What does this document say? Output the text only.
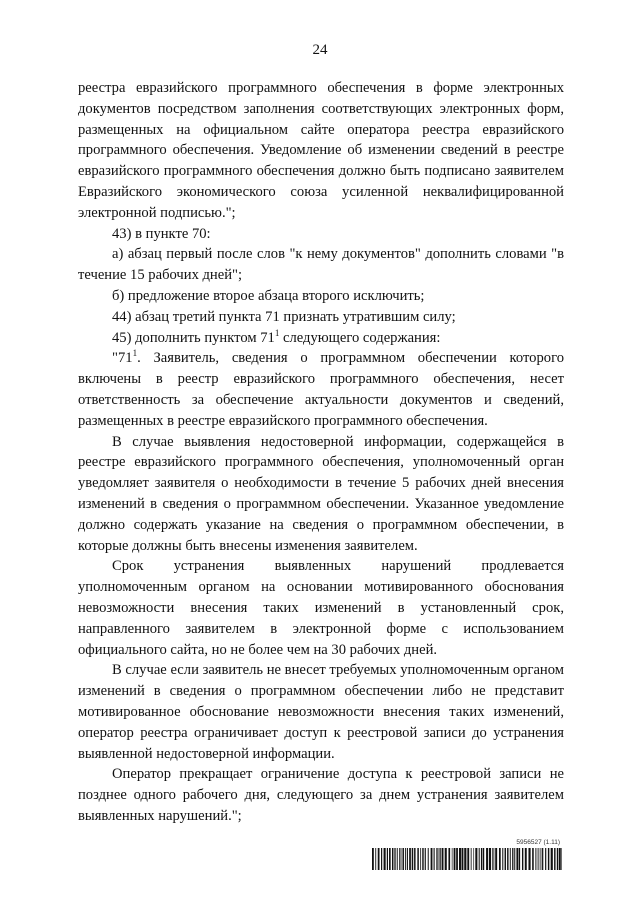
24

реестра евразийского программного обеспечения в форме электронных документов посредством заполнения соответствующих электронных форм, размещенных на официальном сайте оператора реестра евразийского программного обеспечения. Уведомление об изменении сведений в реестре евразийского программного обеспечения должно быть подписано заявителем Евразийского экономического союза усиленной неквалифицированной электронной подписью.";

43) в пункте 70:

а) абзац первый после слов "к нему документов" дополнить словами "в течение 15 рабочих дней";

б) предложение второе абзаца второго исключить;

44) абзац третий пункта 71 признать утратившим силу;

45) дополнить пунктом $71^1$ следующего содержания:

"$71^1$. Заявитель, сведения о программном обеспечении которого включены в реестр евразийского программного обеспечения, несет ответственность за обеспечение актуальности документов и сведений, размещенных в реестре евразийского программного обеспечения.

В случае выявления недостоверной информации, содержащейся в реестре евразийского программного обеспечения, уполномоченный орган уведомляет заявителя о необходимости в течение 5 рабочих дней внесения изменений в сведения о программном обеспечении. Указанное уведомление должно содержать указание на сведения о программном обеспечении, в которые должны быть внесены изменения заявителем.

Срок устранения выявленных нарушений продлевается уполномоченным органом на основании мотивированного обоснования невозможности внесения таких изменений в установленный срок, направленного заявителем в электронной форме с использованием официального сайта, но не более чем на 30 рабочих дней.

В случае если заявитель не внесет требуемых уполномоченным органом изменений в сведения о программном обеспечении либо не представит мотивированное обоснование невозможности внесения таких изменений, оператор реестра ограничивает доступ к реестровой записи до устранения выявленной недостоверной информации.

Оператор прекращает ограничение доступа к реестровой записи не позднее одного рабочего дня, следующего за днем устранения заявителем выявленных нарушений.";

5956527 (1.11)
